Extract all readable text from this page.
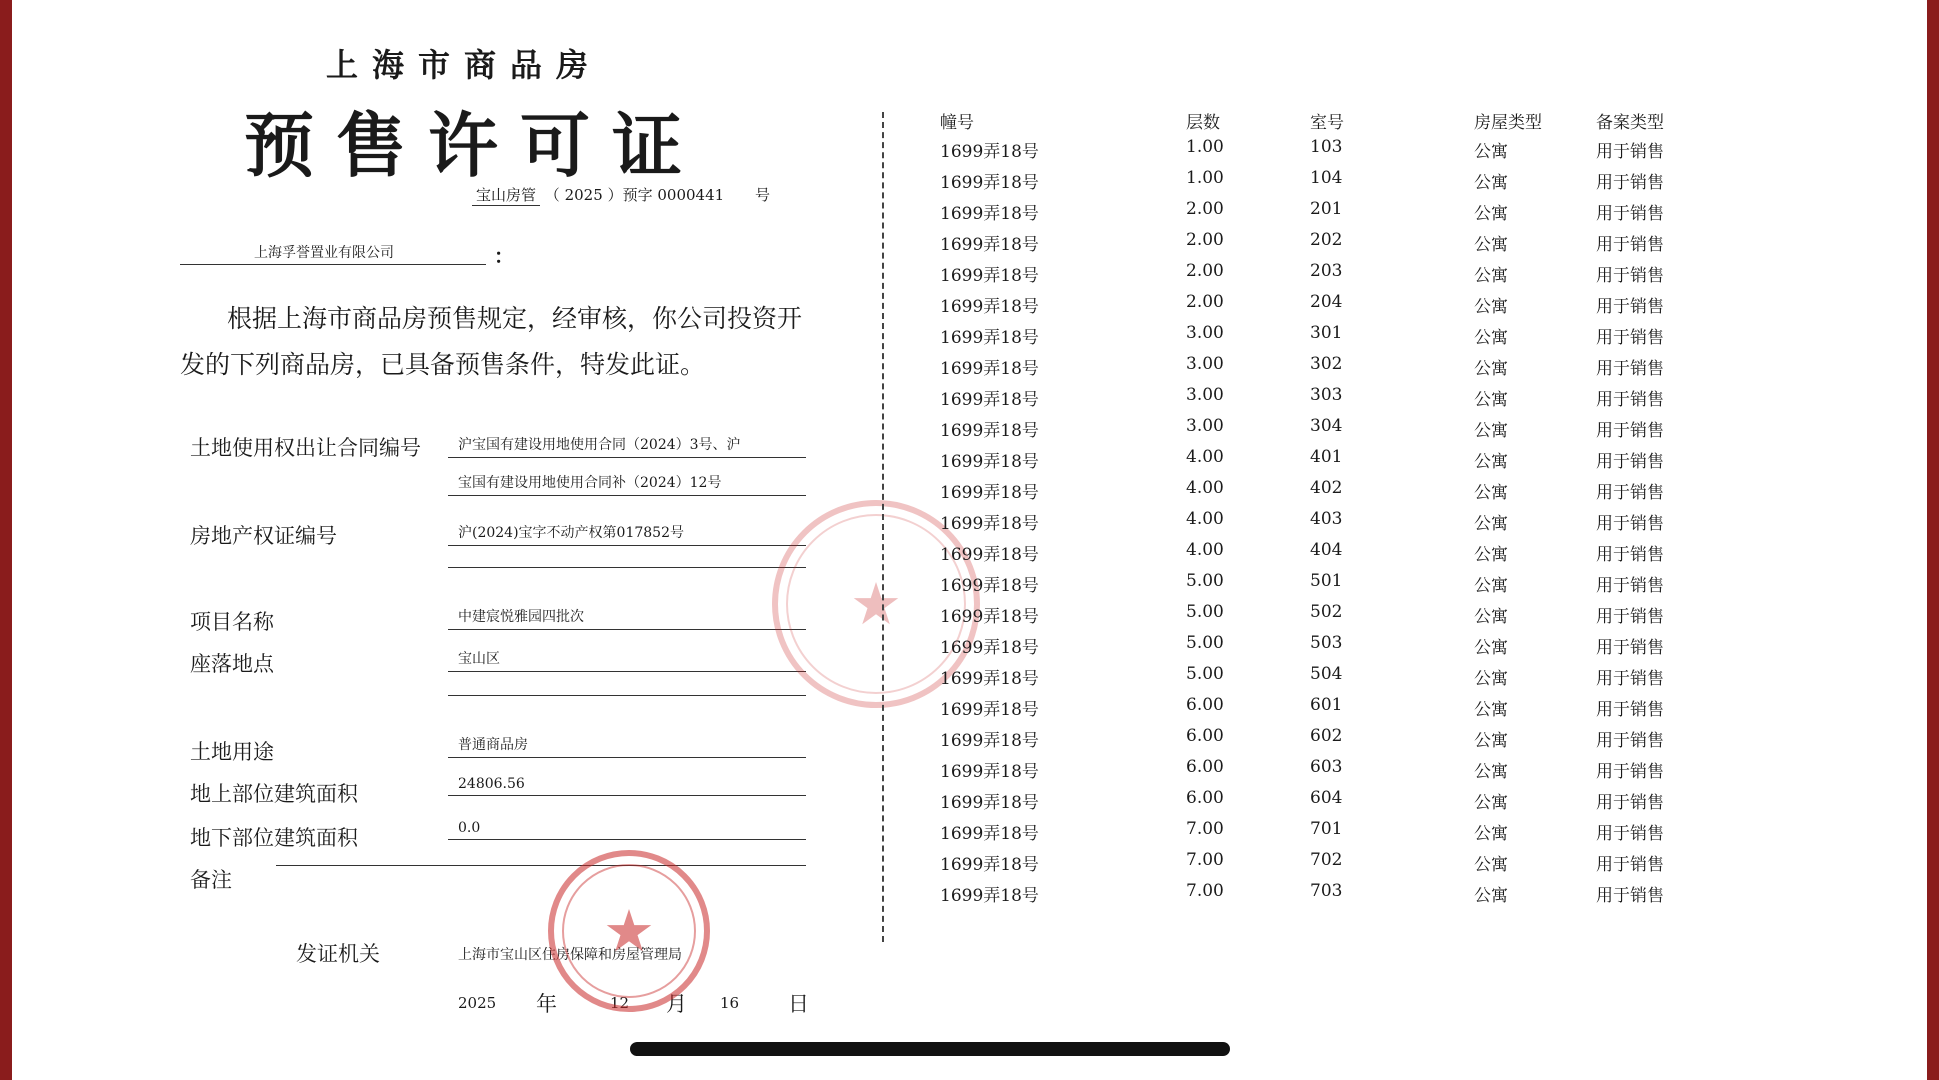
上海市商品房
预售许可证
宝山房管 （ 2025 ）预字 0000441 号
上海孚誉置业有限公司	：
根据上海市商品房预售规定，经审核，你公司投资开发的下列商品房，已具备预售条件，特发此证。
土地使用权出让合同编号	沪宝国有建设用地使用合同（2024）3号、沪
宝国有建设用地使用合同补（2024）12号
房地产权证编号	沪(2024)宝字不动产权第017852号
项目名称	中建宸悦雅园四批次
座落地点	宝山区
土地用途	普通商品房
地上部位建筑面积	24806.56
地下部位建筑面积	0.0
备注
发证机关	上海市宝山区住房保障和房屋管理局
2025 年	12 月 16 日
★
★
幢号	层数	室号	房屋类型	备案类型
1699弄18号	1.00	103	公寓	用于销售
1699弄18号	1.00	104	公寓	用于销售
1699弄18号	2.00	201	公寓	用于销售
1699弄18号	2.00	202	公寓	用于销售
1699弄18号	2.00	203	公寓	用于销售
1699弄18号	2.00	204	公寓	用于销售
1699弄18号	3.00	301	公寓	用于销售
1699弄18号	3.00	302	公寓	用于销售
1699弄18号	3.00	303	公寓	用于销售
1699弄18号	3.00	304	公寓	用于销售
1699弄18号	4.00	401	公寓	用于销售
1699弄18号	4.00	402	公寓	用于销售
1699弄18号	4.00	403	公寓	用于销售
1699弄18号	4.00	404	公寓	用于销售
1699弄18号	5.00	501	公寓	用于销售
1699弄18号	5.00	502	公寓	用于销售
1699弄18号	5.00	503	公寓	用于销售
1699弄18号	5.00	504	公寓	用于销售
1699弄18号	6.00	601	公寓	用于销售
1699弄18号	6.00	602	公寓	用于销售
1699弄18号	6.00	603	公寓	用于销售
1699弄18号	6.00	604	公寓	用于销售
1699弄18号	7.00	701	公寓	用于销售
1699弄18号	7.00	702	公寓	用于销售
1699弄18号	7.00	703	公寓	用于销售
